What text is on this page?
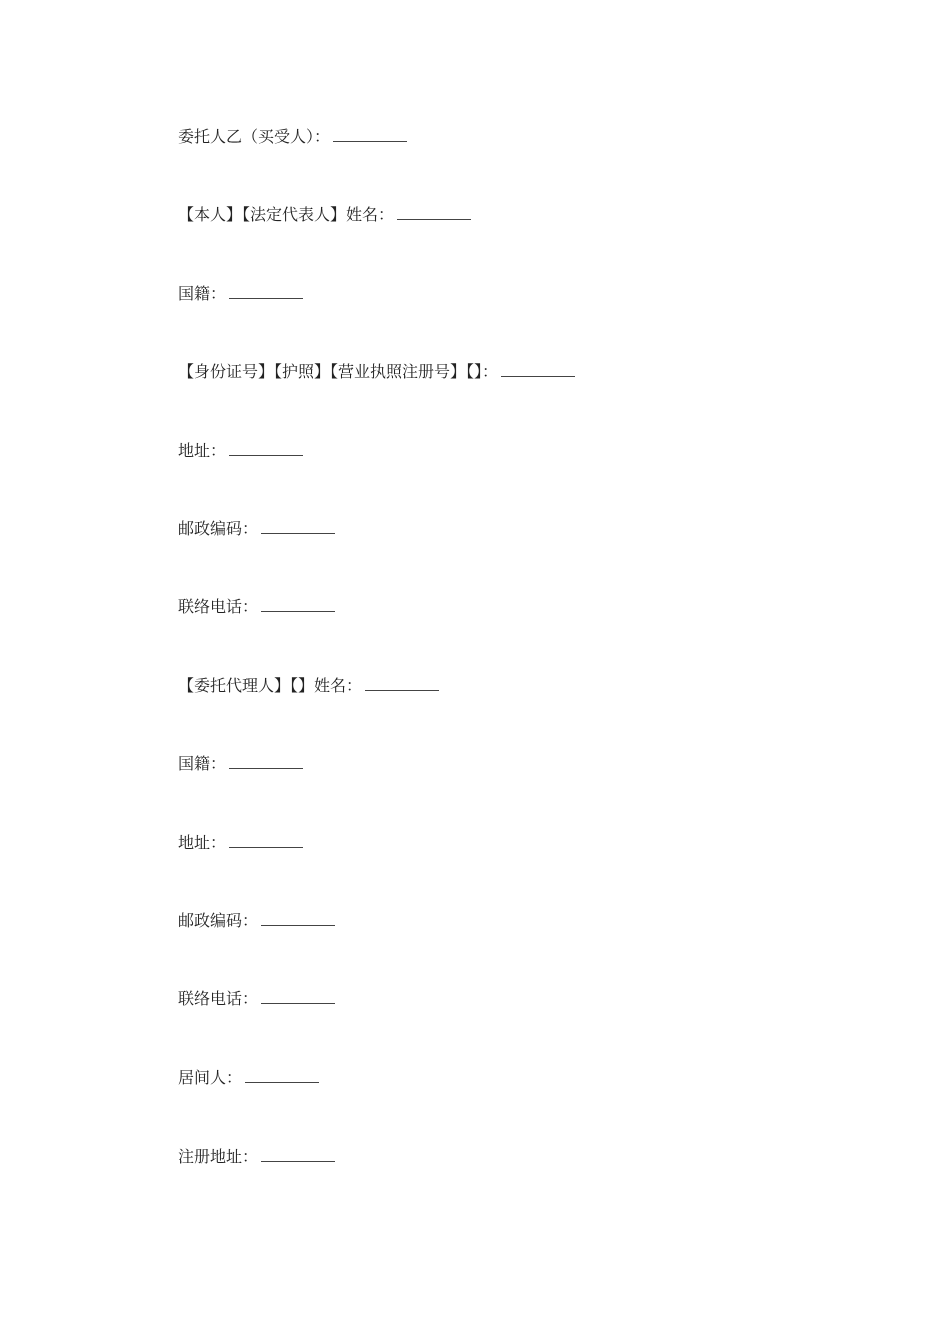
委托人乙（买受人）：
【本人】【法定代表人】姓名：
国籍：
【身份证号】【护照】【营业执照注册号】【】：
地址：
邮政编码：
联络电话：
【委托代理人】【】姓名：
国籍：
地址：
邮政编码：
联络电话：
居间人：
注册地址：
